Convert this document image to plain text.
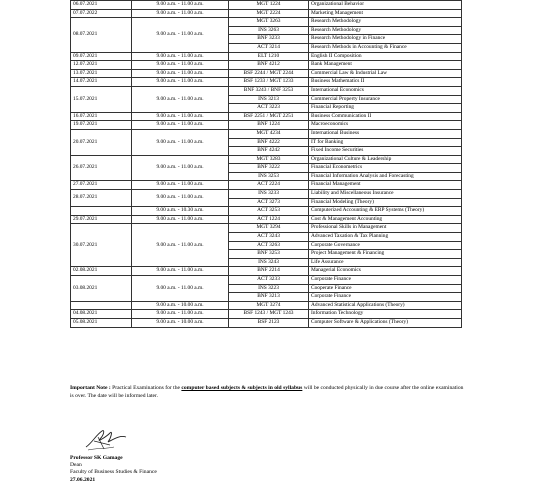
06.07.2021	9.00 a.m. - 11.00 a.m.	MGT 1224	Organizational Behavior
07.07.2022	9.00 a.m. - 11.00 a.m.	MGT 2224	Marketing Management
08.07.2021	9.00 a.m. - 11.00 a.m.	MGT 3263	Research Methodology
		INS 3263	Research Methodology
		BNF 3233	Research Methodology in Finance
		ACT 3214	Research Methods in Accounting & Finance
09.07.2021	9.00 a.m. - 11.00 a.m.	ELT 1210	English II Composition
12.07.2021	9.00 a.m. - 11.00 a.m.	BNF 4212	Bank Management
13.07.2021	9.00 a.m. - 11.00 a.m.	BSF 2244 / MGT 2244	Commercial Law & Industrial Law
14.07.2021	9.00 a.m. - 11.00 a.m.	BSF 1233 / MGT 1233	Business Mathematics II
15.07.2021	9.00 a.m. - 11.00 a.m.	BNF 3243 / BNF 3253	International Economics
		INS 3213	Commercial Property Insurance
		ACT 3223	Financial Reporting
16.07.2021	9.00 a.m. - 11.00 a.m.	BSF 2251 / MGT 2251	Business Communication II
19.07.2021	9.00 a.m. - 11.00 a.m.	BNF 1224	Macroeconomics
20.07.2021	9.00 a.m. - 11.00 a.m.	MGT 4234	International Business
		BNF 4222	IT for Banking
		BNF 4242	Fixed Income Securities
26.07.2021	9.00 a.m. - 11.00 a.m.	MGT 3283	Organizational Culture & Leadership
		BNF 3222	Financial Econometrics
		INS 3253	Financial Information Analysis and Forecasting
27.07.2021	9.00 a.m. - 11.00 a.m.	ACT 2224	Financial Management
28.07.2021	9.00 a.m. - 11.00 a.m.	INS 3233	Liability and Miscellaneous Insurance
		ACT 3273	Financial Modeling (Theory)
	9.00 a.m. - 10.30 a.m.	ACT 3253	Computerized Accounting & ERP Systems (Theory)
29.07.2021	9.00 a.m. - 11.00 a.m.	ACT 1224	Cost & Management Accounting
30.07.2021	9.00 a.m. - 11.00 a.m.	MGT 3294	Professional Skills in Management
		ACT 3243	Advanced Taxation & Tax Planning
		ACT 3263	Corporate Governance
		BNF 3253	Project Management & Financing
		INS 3243	Life Assurance
02.08.2021	9.00 a.m. - 11.00 a.m.	BNF 2214	Managerial Economics
03.08.2021	9.00 a.m. - 11.00 a.m.	ACT 3233	Corporate Finance
		INS 3223	Cooperate Finance
		BNF 3213	Corporate Finance
	9.00 a.m. - 10.00 a.m.	MGT 3274	Advanced Statistical Applications (Theory)
04.08.2021	9.00 a.m. - 11.00 a.m.	BSF 1243 / MGT 1243	Information Technology
05.08.2021	9.00 a.m. - 10.00 a.m.	BSF 2123	Computer Software & Applications (Theory)
Important Note : Practical Examinations for the computer based subjects & subjects in old syllabus will be conducted physically in due course after the online examination is over. The date will be informed later.
Professor SK Gamage
Dean
Faculty of Business Studies & Finance
27.06.2021
